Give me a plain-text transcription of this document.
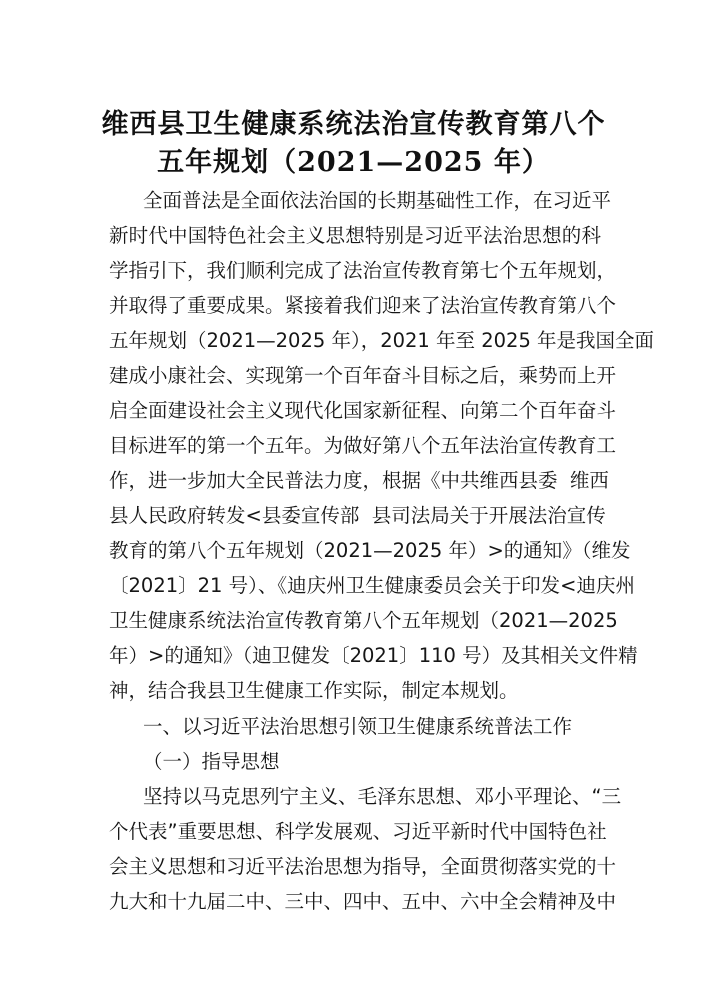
维西县卫生健康系统法治宣传教育第八个
五年规划（2021—2025 年）
全面普法是全面依法治国的长期基础性工作，在习近平
新时代中国特色社会主义思想特别是习近平法治思想的科
学指引下，我们顺利完成了法治宣传教育第七个五年规划，
并取得了重要成果。紧接着我们迎来了法治宣传教育第八个
五年规划（2021—2025 年），2021 年至 2025 年是我国全面
建成小康社会、实现第一个百年奋斗目标之后，乘势而上开
启全面建设社会主义现代化国家新征程、向第二个百年奋斗
目标进军的第一个五年。为做好第八个五年法治宣传教育工
作，进一步加大全民普法力度，根据《中共维西县委  维西
县人民政府转发<县委宣传部  县司法局关于开展法治宣传
教育的第八个五年规划（2021—2025 年）>的通知》（维发
〔2021〕21 号）、《迪庆州卫生健康委员会关于印发<迪庆州
卫生健康系统法治宣传教育第八个五年规划（2021—2025
年）>的通知》（迪卫健发〔2021〕110 号）及其相关文件精
神，结合我县卫生健康工作实际，制定本规划。
一、以习近平法治思想引领卫生健康系统普法工作
（一）指导思想
坚持以马克思列宁主义、毛泽东思想、邓小平理论、“三
个代表”重要思想、科学发展观、习近平新时代中国特色社
会主义思想和习近平法治思想为指导，全面贯彻落实党的十
九大和十九届二中、三中、四中、五中、六中全会精神及中
